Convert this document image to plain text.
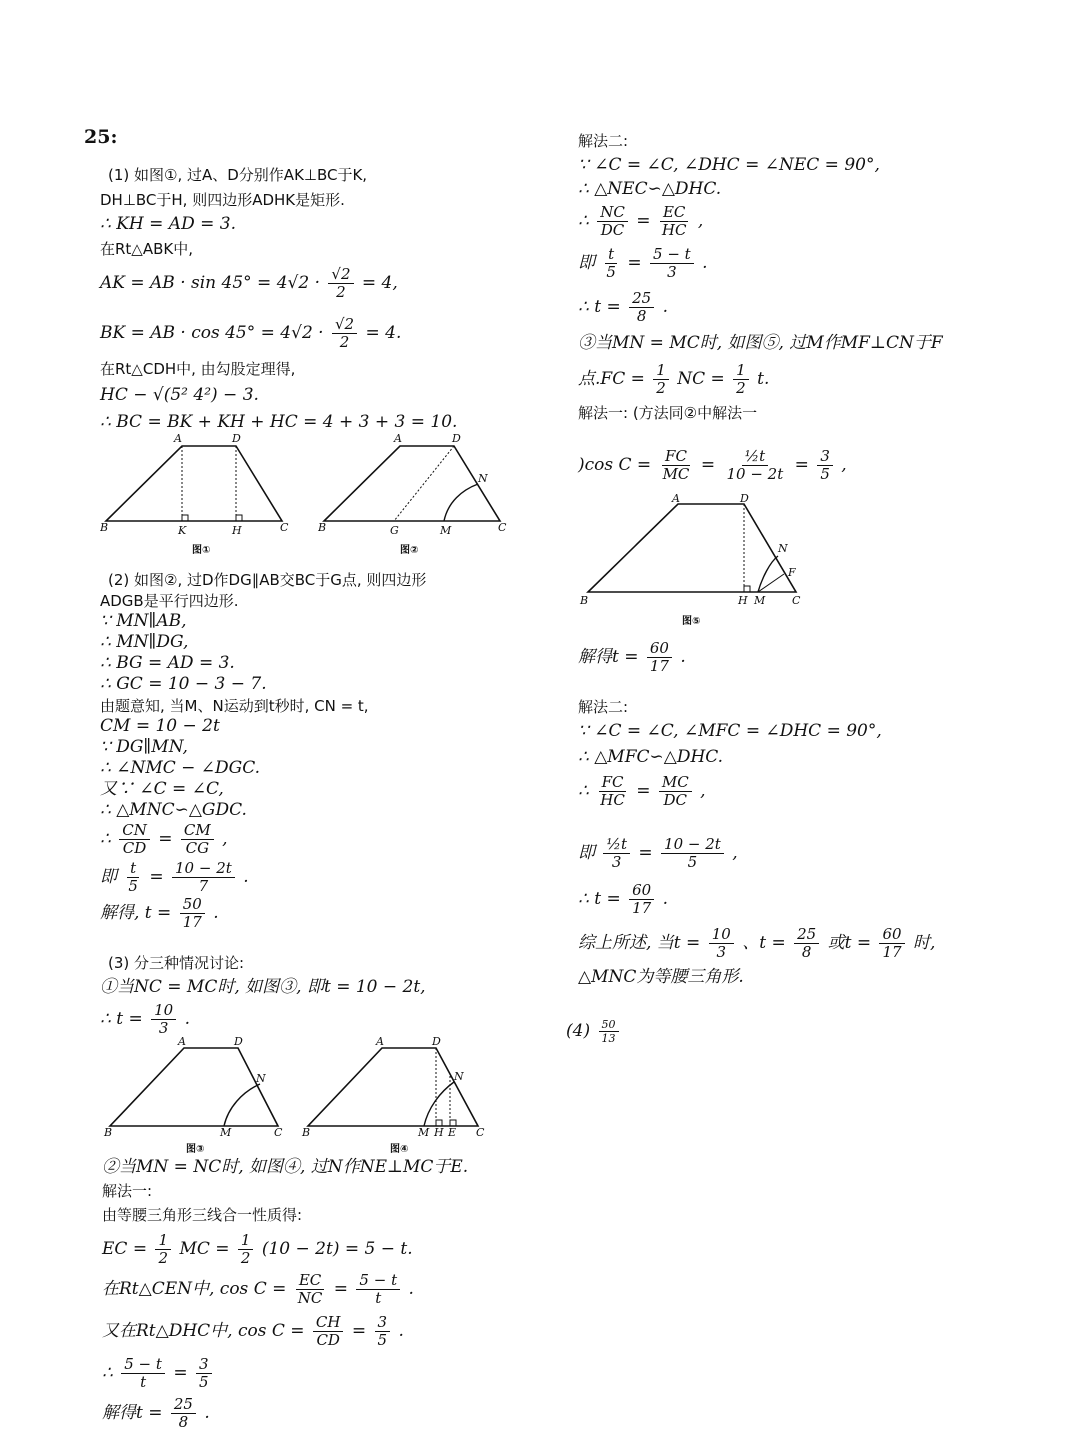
25:
(1) 如图①, 过A、D分别作AK⊥BC于K,
DH⊥BC于H, 则四边形ADHK是矩形.
∴ KH = AD = 3.
在Rt△ABK中,
AK = AB · $\sin 45^\circ = 4√2 \cdot \frac{√2}{2} = 4$,
BK = AB · $\cos 45^\circ = 4√2 \cdot \frac{√2}{2} = 4$.
在Rt△CDH中, 由勾股定理得,
HC − √(5² 4²) − 3.
∴ BC = BK + KH + HC = 4 + 3 + 3 = 10.
A	D
B	K	H	C
图①
A	D
N
B	G	M	C
图②
(2) 如图②, 过D作DG∥AB交BC于G点, 则四边形
ADGB是平行四边形.
∵ MN∥AB,
∴ MN∥DG,
∴ BG = AD = 3.
∴ GC = 10 − 3 − 7.
由题意知, 当M、N运动到t秒时, CN = t,
CM = 10 − 2t
∵ DG∥MN,
∴ ∠NMC − ∠DGC.
又∵ ∠C = ∠C,
∴ △MNC∽△GDC.
∴ $\frac{CN}{CD} = \frac{CM}{CG}$ ,
即 $\frac{t}{5} = \frac{10 - 2t}{7}$ .
解得, $t = \frac{50}{17}$ .
(3) 分三种情况讨论:
①当NC = MC时, 如图③, 即t = 10 − 2t,
∴ $t = \frac{10}{3}$ .
A	D
N
B	M	C
图③
A	D
N
B	M H E C
图④
②当MN = NC时, 如图④, 过N作NE⊥MC于E.
解法一:
由等腰三角形三线合一性质得:
EC = $\frac{1}{2}$ MC = $\frac{1}{2} (10 - 2t) = 5 - t$.
在Rt△CEN中, $\cos C = \frac{EC}{NC} = \frac{5 - t}{t}$ .
又在Rt△DHC中, $\cos C = \frac{CH}{CD} = \frac{3}{5}$ .
∴ $\frac{5 - t}{t} = \frac{3}{5}$
解得$t = \frac{25}{8}$ .
解法二:
∵ ∠C = ∠C, ∠DHC = ∠NEC = 90°,
∴ △NEC∽△DHC.
∴ $\frac{NC}{DC} = \frac{EC}{HC}$ ,
即 $\frac{t}{5} = \frac{5 - t}{3}$ .
∴ $t = \frac{25}{8}$ .
③当MN = MC时, 如图⑤, 过M作MF⊥CN于F
点$.FC = \frac{1}{2}$ NC = $\frac{1}{2} t$.
解法一: (方法同②中解法一
)cos $C = \frac{FC}{MC} = \frac{\text{½t}}{10 - 2t} = \frac{3}{5}$ ,
A	D
N
F
B	H M C
图⑤
解得$t = \frac{60}{17}$ .
解法二:
∵ ∠C = ∠C, ∠MFC = ∠DHC = 90°,
∴ △MFC∽△DHC.
∴ $\frac{FC}{HC} = \frac{MC}{DC}$ ,
即 $\frac{\text{½t}}{3} = \frac{10 - 2t}{5}$ ,
∴ $t = \frac{60}{17}$ .
综上所述, 当$t = \frac{10}{3}$ 、$t = \frac{25}{8}$ 或$t = \frac{60}{17}$ 时,
△MNC为等腰三角形.
$(4) \frac{50}{13}$
